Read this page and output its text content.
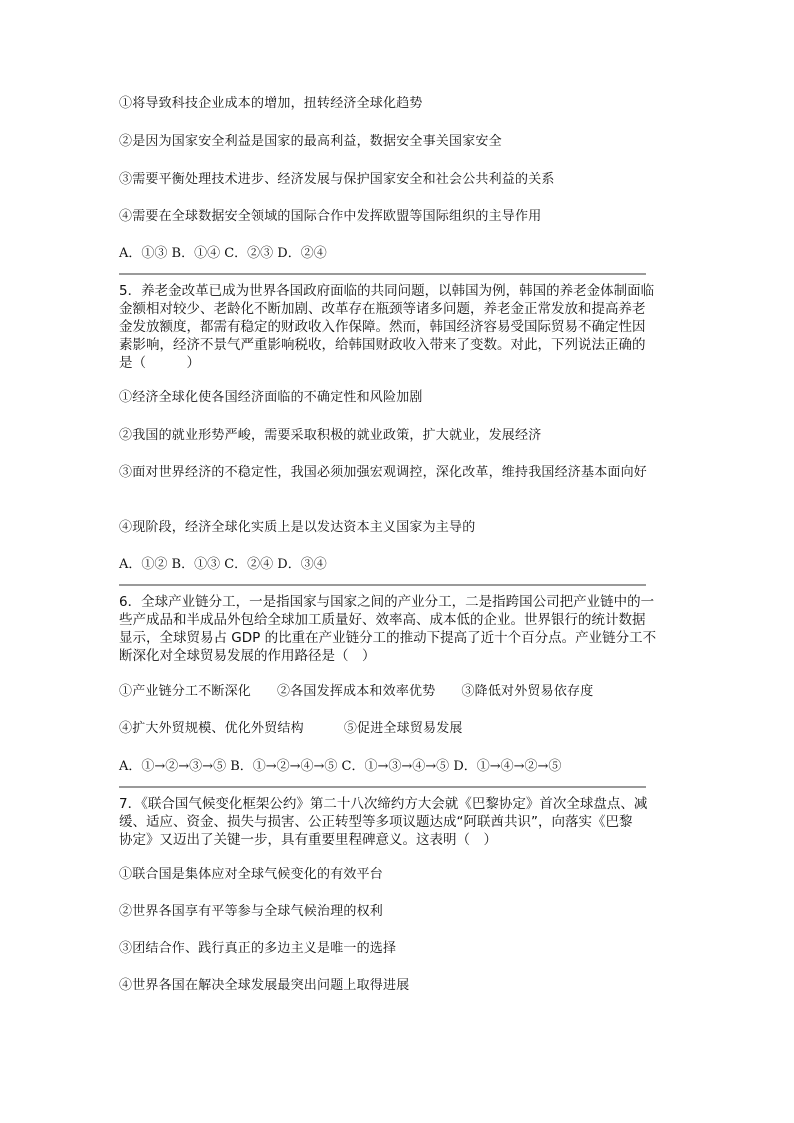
①将导致科技企业成本的增加，扭转经济全球化趋势
②是因为国家安全利益是国家的最高利益，数据安全事关国家安全
③需要平衡处理技术进步、经济发展与保护国家安全和社会公共利益的关系
④需要在全球数据安全领域的国际合作中发挥欧盟等国际组织的主导作用
A．①③ B．①④ C．②③ D．②④
5．养老金改革已成为世界各国政府面临的共同问题，以韩国为例，韩国的养老金体制面临
金额相对较少、老龄化不断加剧、改革存在瓶颈等诸多问题，养老金正常发放和提高养老
金发放额度，都需有稳定的财政收入作保障。然而，韩国经济容易受国际贸易不确定性因
素影响，经济不景气严重影响税收，给韩国财政收入带来了变数。对此，下列说法正确的
是（　　　）
①经济全球化使各国经济面临的不确定性和风险加剧
②我国的就业形势严峻，需要采取积极的就业政策，扩大就业，发展经济
③面对世界经济的不稳定性，我国必须加强宏观调控，深化改革，维持我国经济基本面向好
④现阶段，经济全球化实质上是以发达资本主义国家为主导的
A．①② B．①③ C．②④ D．③④
6．全球产业链分工，一是指国家与国家之间的产业分工，二是指跨国公司把产业链中的一
些产成品和半成品外包给全球加工质量好、效率高、成本低的企业。世界银行的统计数据
显示，全球贸易占 GDP 的比重在产业链分工的推动下提高了近十个百分点。产业链分工不
断深化对全球贸易发展的作用路径是（　）
①产业链分工不断深化 ②各国发挥成本和效率优势 ③降低对外贸易依存度
④扩大外贸规模、优化外贸结构	⑤促进全球贸易发展
A．①→②→③→⑤ B．①→②→④→⑤ C．①→③→④→⑤ D．①→④→②→⑤
7．《联合国气候变化框架公约》第二十八次缔约方大会就《巴黎协定》首次全球盘点、减
缓、适应、资金、损失与损害、公正转型等多项议题达成“阿联酋共识”，向落实《巴黎
协定》又迈出了关键一步，具有重要里程碑意义。这表明（　）
①联合国是集体应对全球气候变化的有效平台
②世界各国享有平等参与全球气候治理的权利
③团结合作、践行真正的多边主义是唯一的选择
④世界各国在解决全球发展最突出问题上取得进展
